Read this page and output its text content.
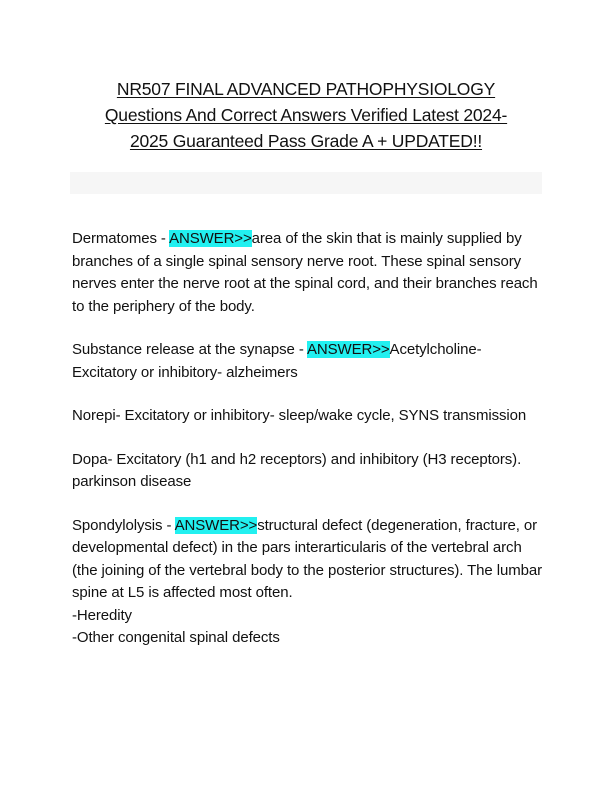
NR507 FINAL ADVANCED PATHOPHYSIOLOGY
Questions And Correct Answers Verified Latest 2024-
2025 Guaranteed Pass Grade A + UPDATED!!

Dermatomes - ANSWER>>area of the skin that is mainly supplied by branches of a single spinal sensory nerve root. These spinal sensory nerves enter the nerve root at the spinal cord, and their branches reach to the periphery of the body.

Substance release at the synapse - ANSWER>>Acetylcholine- Excitatory or inhibitory- alzheimers

Norepi- Excitatory or inhibitory- sleep/wake cycle, SYNS transmission

Dopa- Excitatory (h1 and h2 receptors) and inhibitory (H3 receptors). parkinson disease

Spondylolysis - ANSWER>>structural defect (degeneration, fracture, or developmental defect) in the pars interarticularis of the vertebral arch (the joining of the vertebral body to the posterior structures). The lumbar spine at L5 is affected most often.
-Heredity
-Other congenital spinal defects
